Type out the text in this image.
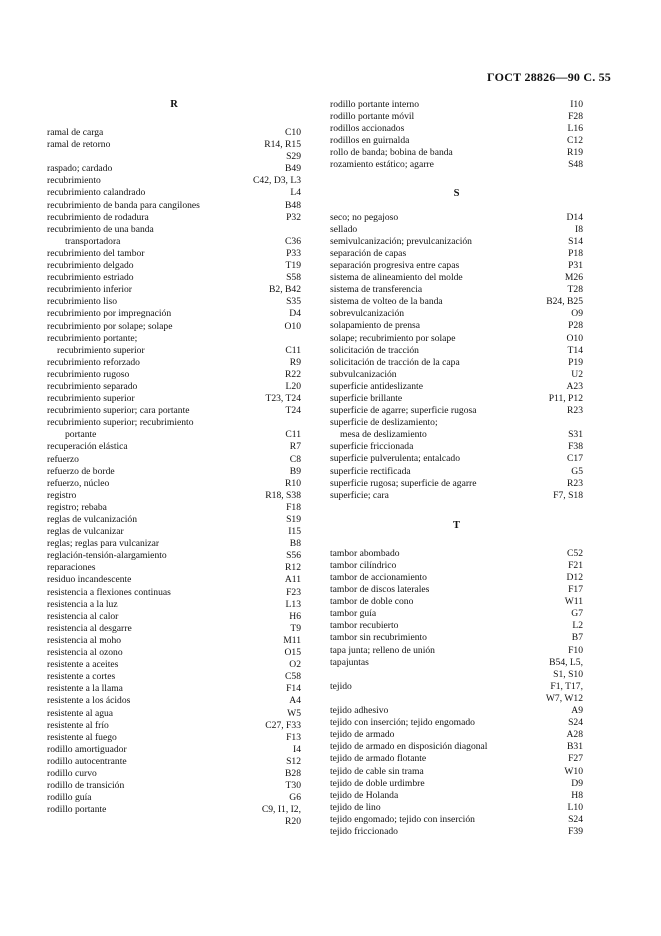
ГОСТ 28826—90 С. 55
R
ramal de carga	C10
ramal de retorno	R14, R15
S29
raspado; cardado	B49
recubrimiento	C42, D3, L3
recubrimiento calandrado	L4
recubrimiento de banda para cangilones	B48
recubrimiento de rodadura	P32
recubrimiento de una banda
transportadora	C36
recubrimiento del tambor	P33
recubrimiento delgado	T19
recubrimiento estriado	S58
recubrimiento inferior	B2, B42
recubrimiento liso	S35
recubrimiento por impregnación	D4
recubrimiento por solape; solape	O10
recubrimiento portante;
recubrimiento superior	C11
recubrimiento reforzado	R9
recubrimiento rugoso	R22
recubrimiento separado	L20
recubrimiento superior	T23, T24
recubrimiento superior; cara portante	T24
recubrimiento superior; recubrimiento
portante	C11
recuperación elástica	R7
refuerzo	C8
refuerzo de borde	B9
refuerzo, núcleo	R10
registro	R18, S38
registro; rebaba	F18
reglas de vulcanización	S19
reglas de vulcanizar	I15
reglas; reglas para vulcanizar	B8
reglación-tensión-alargamiento	S56
reparaciones	R12
residuo incandescente	A11
resistencia a flexiones continuas	F23
resistencia a la luz	L13
resistencia al calor	H6
resistencia al desgarre	T9
resistencia al moho	M11
resistencia al ozono	O15
resistente a aceites	O2
resistente a cortes	C58
resistente a la llama	F14
resistente a los ácidos	A4
resistente al agua	W5
resistente al frío	C27, F33
resistente al fuego	F13
rodillo amortiguador	I4
rodillo autocentrante	S12
rodillo curvo	B28
rodillo de transición	T30
rodillo guía	G6
rodillo portante	C9, I1, I2,
R20
rodillo portante interno	I10
rodillo portante móvil	F28
rodillos accionados	L16
rodillos en guirnalda	C12
rollo de banda; bobina de banda	R19
rozamiento estático; agarre	S48
S
seco; no pegajoso	D14
sellado	I8
semivulcanización; prevulcanización	S14
separación de capas	P18
separación progresiva entre capas	P31
sistema de alineamiento del molde	M26
sistema de transferencia	T28
sistema de volteo de la banda	B24, B25
sobrevulcanización	O9
solapamiento de prensa	P28
solape; recubrimiento por solape	O10
solicitación de tracción	T14
solicitación de tracción de la capa	P19
subvulcanización	U2
superficie antideslizante	A23
superficie brillante	P11, P12
superficie de agarre; superficie rugosa	R23
superficie de deslizamiento;
mesa de deslizamiento	S31
superficie friccionada	F38
superficie pulverulenta; entalcado	C17
superficie rectificada	G5
superficie rugosa; superficie de agarre	R23
superficie; cara	F7, S18
T
tambor abombado	C52
tambor cilíndrico	F21
tambor de accionamiento	D12
tambor de discos laterales	F17
tambor de doble cono	W11
tambor guía	G7
tambor recubierto	L2
tambor sin recubrimiento	B7
tapa junta; relleno de unión	F10
tapajuntas	B54, L5,
S1, S10
tejido	F1, T17,
W7, W12
tejido adhesivo	A9
tejido con inserción; tejido engomado	S24
tejido de armado	A28
tejido de armado en disposición diagonal	B31
tejido de armado flotante	F27
tejido de cable sin trama	W10
tejido de doble urdimbre	D9
tejido de Holanda	H8
tejido de lino	L10
tejido engomado; tejido con inserción	S24
tejido friccionado	F39
